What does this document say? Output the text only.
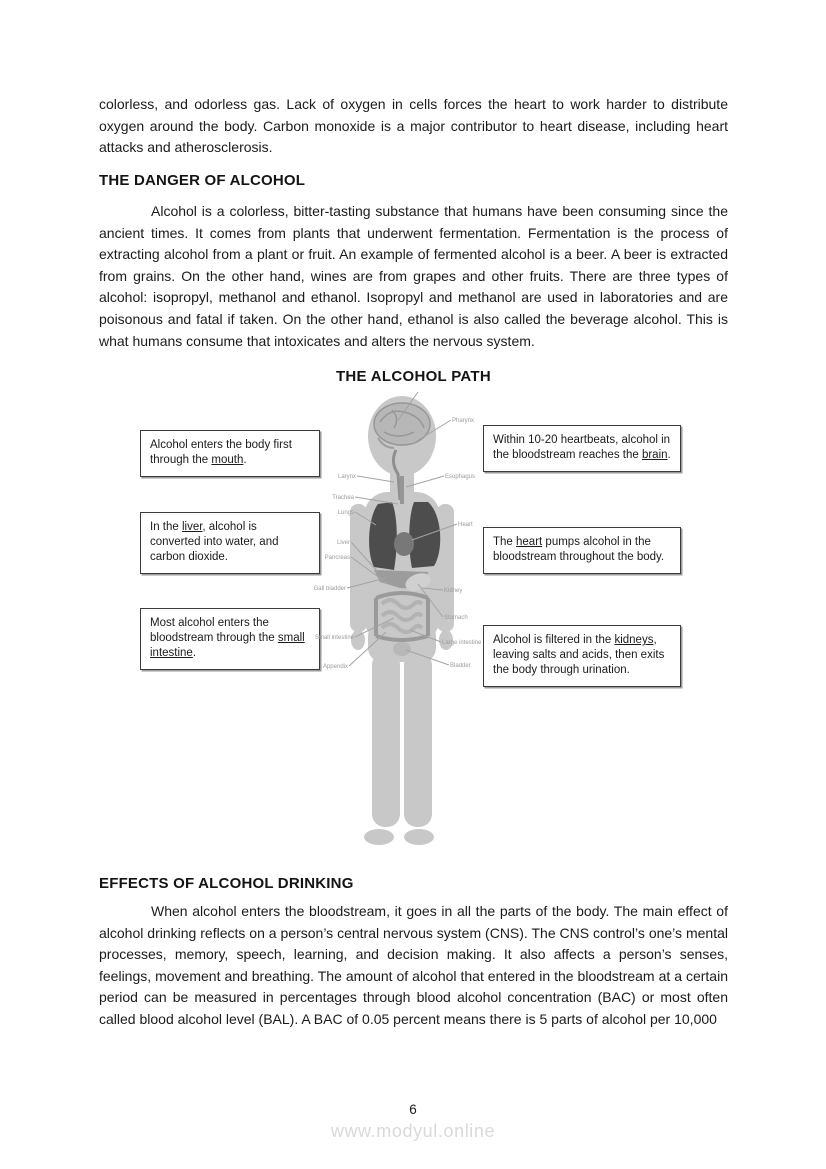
colorless, and odorless gas. Lack of oxygen in cells forces the heart to work harder to distribute oxygen around the body. Carbon monoxide is a major contributor to heart disease, including heart attacks and atherosclerosis.

THE DANGER OF ALCOHOL

Alcohol is a colorless, bitter-tasting substance that humans have been consuming since the ancient times. It comes from plants that underwent fermentation. Fermentation is the process of extracting alcohol from a plant or fruit. An example of fermented alcohol is a beer. A beer is extracted from grains. On the other hand, wines are from grapes and other fruits. There are three types of alcohol: isopropyl, methanol and ethanol. Isopropyl and methanol are used in laboratories and are poisonous and fatal if taken. On the other hand, ethanol is also called the beverage alcohol. This is what humans consume that intoxicates and alters the nervous system.

THE ALCOHOL PATH
Alcohol enters the body first through the mouth.
In the liver, alcohol is converted into water, and carbon dioxide.
Most alcohol enters the bloodstream through the small intestine.
Within 10-20 heartbeats, alcohol in the bloodstream reaches the brain.
The heart pumps alcohol in the bloodstream throughout the body.
Alcohol is filtered in the kidneys, leaving salts and acids, then exits the body through urination.
Larynx
Trachea
Lungs
Liver
Pancreas
Gall bladder
Small intestine
Appendix
Pharynx
Esophagus
Heart
Kidney
Stomach
Large intestine
Bladder
EFFECTS OF ALCOHOL DRINKING

When alcohol enters the bloodstream, it goes in all the parts of the body. The main effect of alcohol drinking reflects on a person’s central nervous system (CNS). The CNS control’s one’s mental processes, memory, speech, learning, and decision making. It also affects a person’s senses, feelings, movement and breathing. The amount of alcohol that entered in the bloodstream at a certain period can be measured in percentages through blood alcohol concentration (BAC) or most often called blood alcohol level (BAL). A BAC of 0.05 percent means there is 5 parts of alcohol per 10,000

6
www.modyul.online
